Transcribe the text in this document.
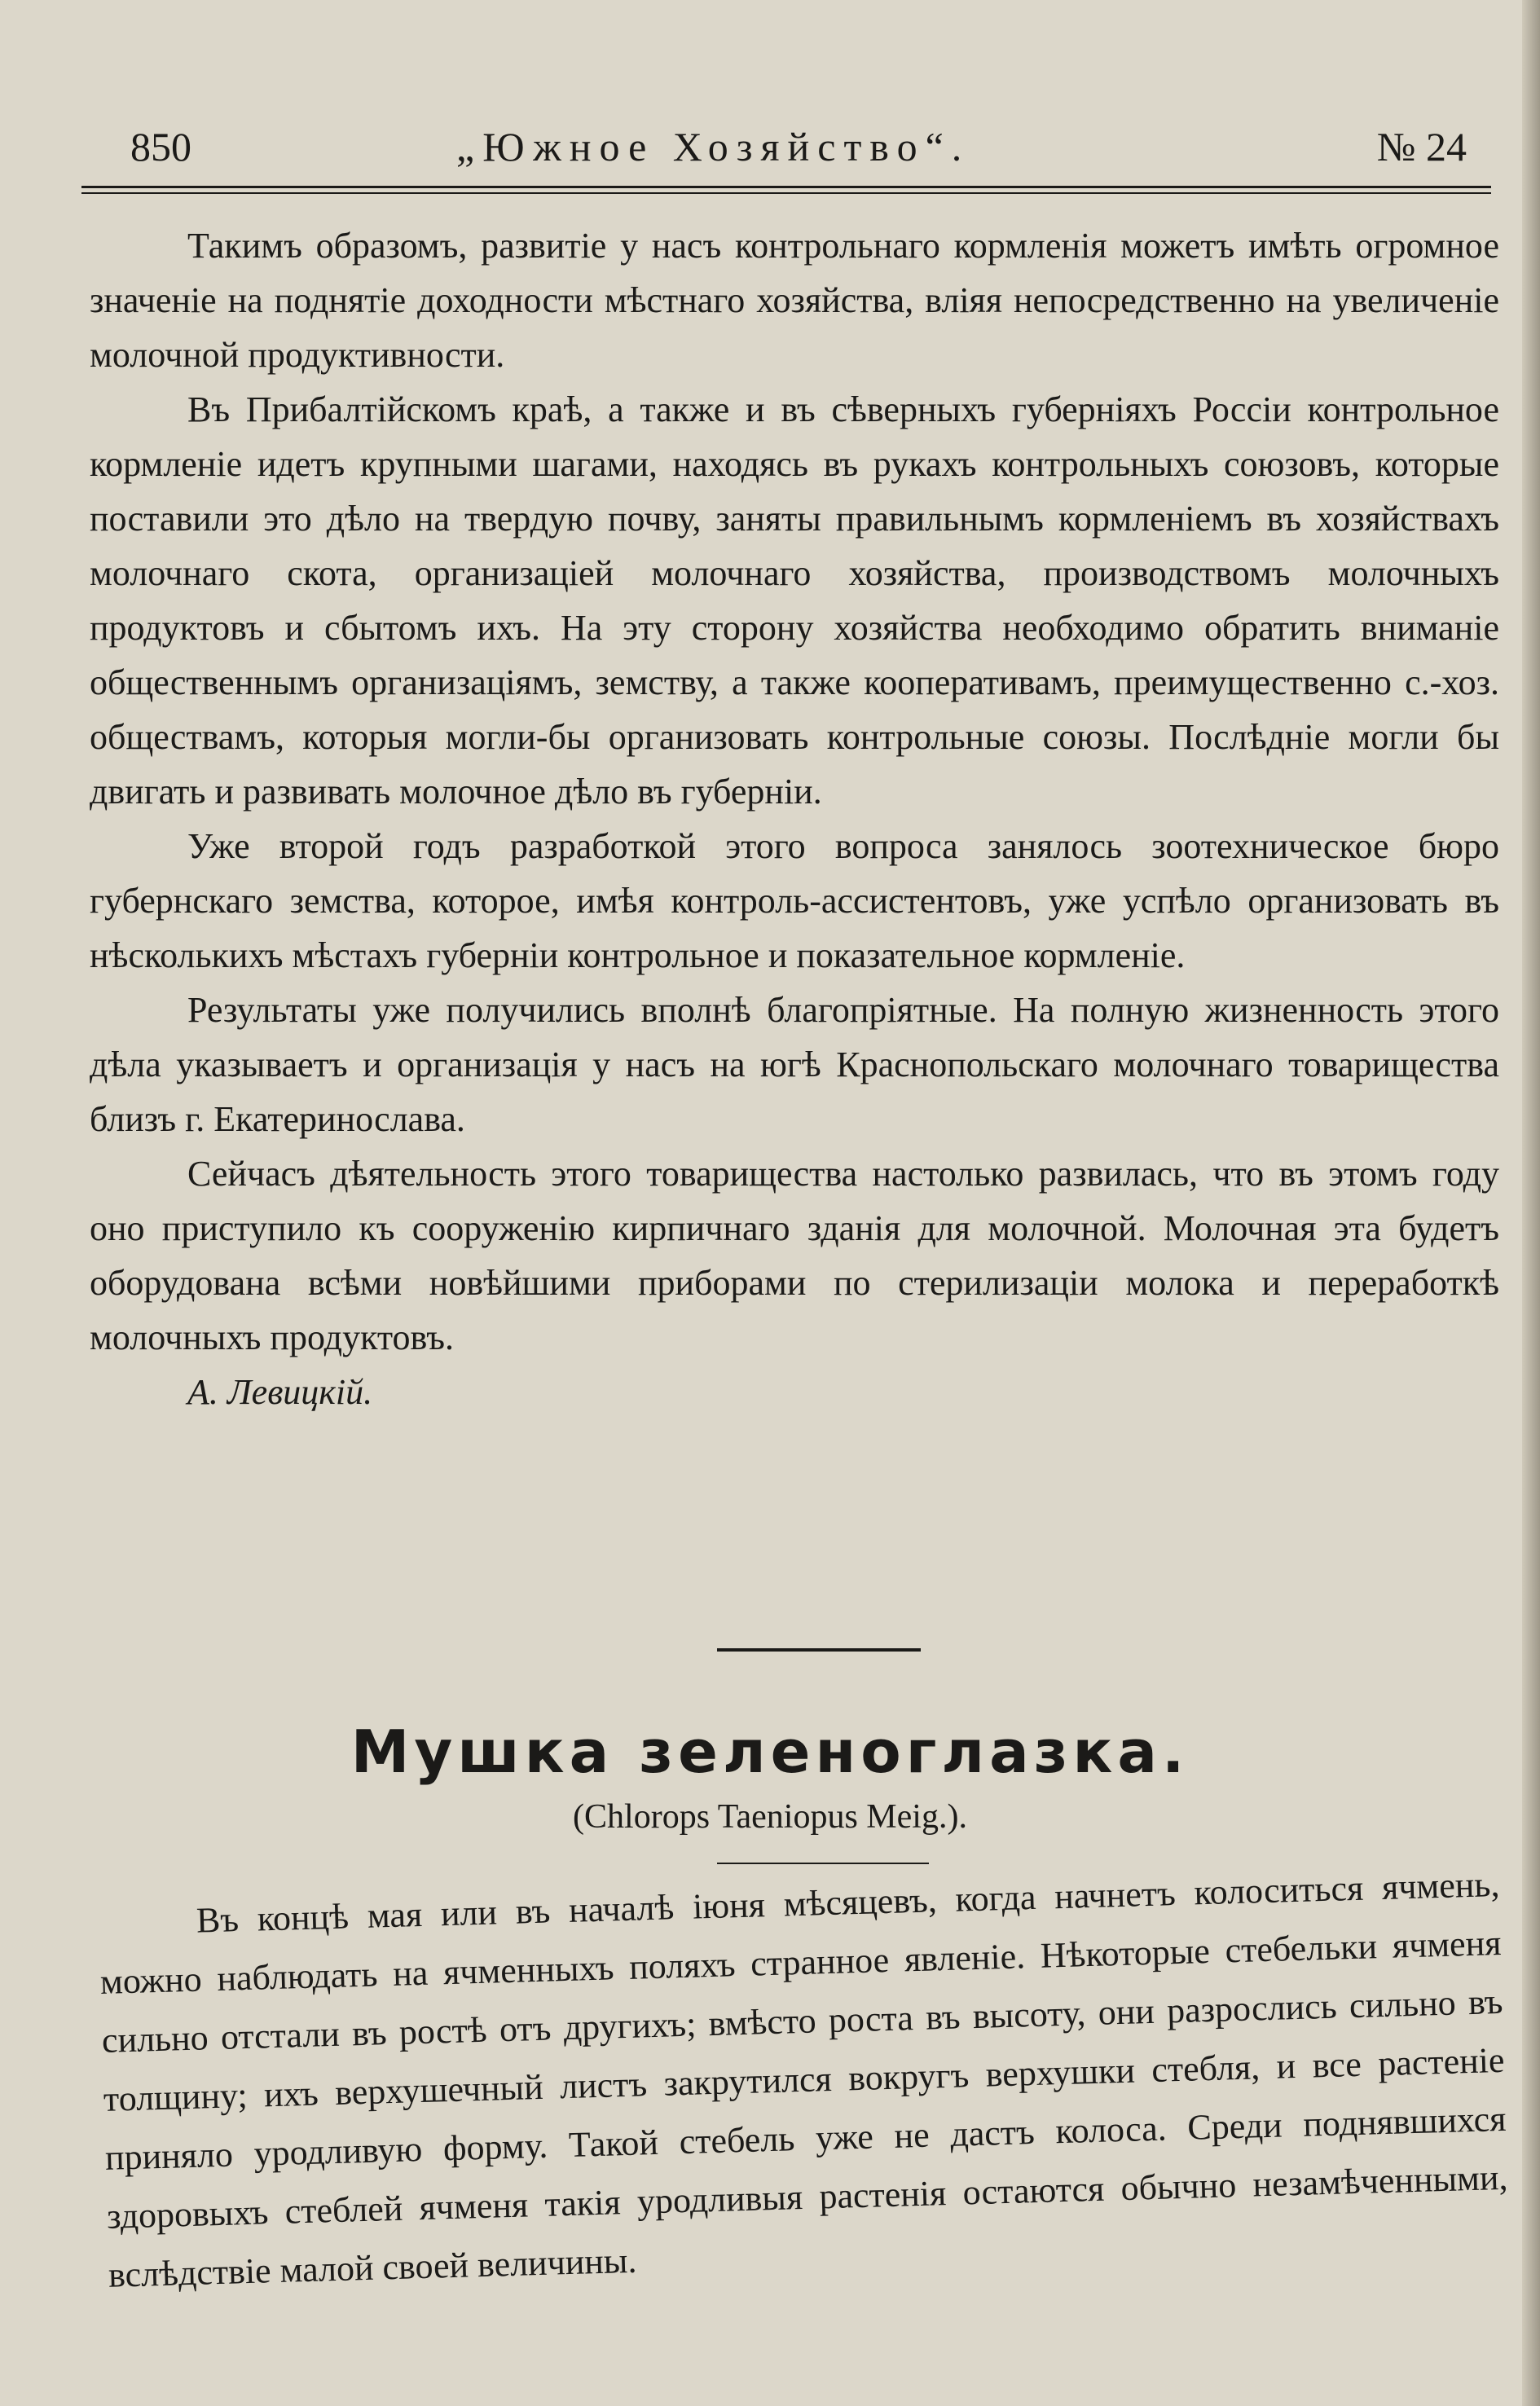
850	„Южное Хозяйство“.	№ 24

Такимъ образомъ, развитіе у насъ контрольнаго кормленія можетъ имѣть огромное значеніе на поднятіе доходности мѣстнаго хозяйства, вліяя непосредственно на увеличеніе молочной продуктивности.

Въ Прибалтійскомъ краѣ, а также и въ сѣверныхъ губерніяхъ Россіи контрольное кормленіе идетъ крупными шагами, находясь въ рукахъ контрольныхъ союзовъ, которые поставили это дѣло на твердую почву, заняты правильнымъ кормленіемъ въ хозяйствахъ молочнаго скота, организацiей молочнаго хозяйства, производствомъ молочныхъ продуктовъ и сбытомъ ихъ. На эту сторону хозяйства необходимо обратить вниманіе общественнымъ организаціямъ, земству, а также кооперативамъ, преимущественно с.-хоз. обществамъ, которыя могли-бы организовать контрольные союзы. Послѣдніе могли бы двигать и развивать молочное дѣло въ губерніи.

Уже второй годъ разработкой этого вопроса занялось зоотехническое бюро губернскаго земства, которое, имѣя контроль-ассистентовъ, уже успѣло организовать въ нѣсколькихъ мѣстахъ губерніи контрольное и показательное кормленіе.

Результаты уже получились вполнѣ благопріятные. На полную жизненность этого дѣла указываетъ и организація у насъ на югѣ Краснопольскаго молочнаго товарищества близъ г. Екатеринослава.

Сейчасъ дѣятельность этого товарищества настолько развилась, что въ этомъ году оно приступило къ сооруженію кирпичнаго зданія для молочной. Молочная эта будетъ оборудована всѣми новѣйшими приборами по стерилизаціи молока и переработкѣ молочныхъ продуктовъ.

А. Левицкій.

Мушка зеленоглазка.

(Chlorops Taeniopus Meig.).

Въ концѣ мая или въ началѣ іюня мѣсяцевъ, когда начнетъ колоситься ячмень, можно наблюдать на ячменныхъ поляхъ странное явленіе. Нѣкоторые стебельки ячменя сильно отстали въ ростѣ отъ другихъ; вмѣсто роста въ высоту, они разрослись сильно въ толщину; ихъ верхушечный листъ закрутился вокругъ верхушки стебля, и все растеніе приняло уродливую форму. Такой стебель уже не дастъ колоса. Среди поднявшихся здоровыхъ стеблей ячменя такія уродливыя растенія остаются обычно незамѣченными, вслѣдствіе малой своей величины.
